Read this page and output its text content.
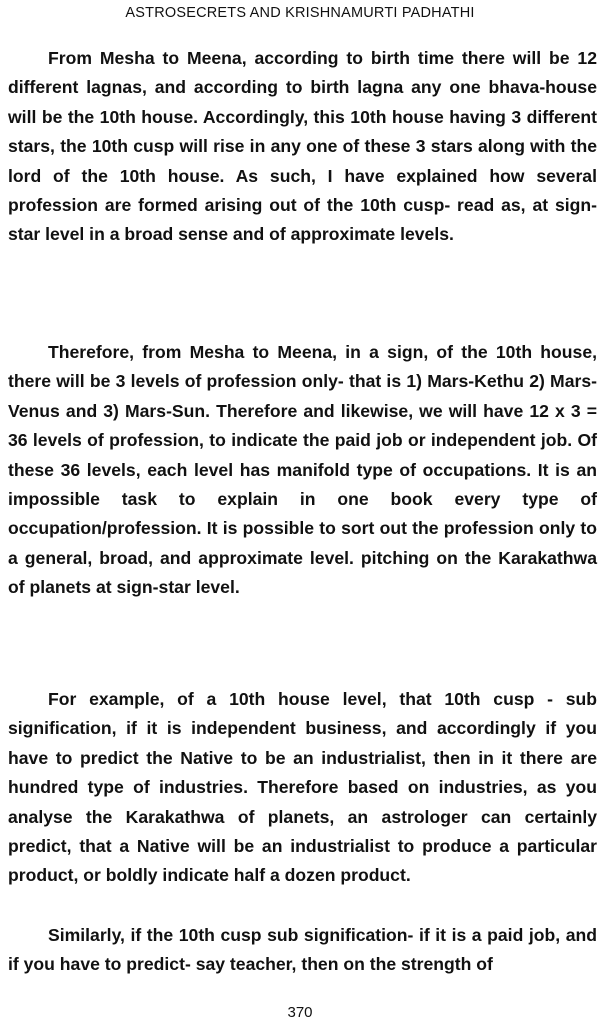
ASTROSECRETS AND KRISHNAMURTI PADHATHI

From Mesha to Meena, according to birth time there will be 12 different lagnas, and according to birth lagna any one bhava-house will be the 10th house. Accordingly, this 10th house having 3 different stars, the 10th cusp will rise in any one of these 3 stars along with the lord of the 10th house. As such, I have explained how several profession are formed arising out of the 10th cusp- read as, at sign-star level in a broad sense and of approximate levels.

Therefore, from Mesha to Meena, in a sign, of the 10th house, there will be 3 levels of profession only- that is 1) Mars-Kethu 2) Mars-Venus and 3) Mars-Sun. Therefore and likewise, we will have 12 x 3 = 36 levels of profession, to indicate the paid job or independent job. Of these 36 levels, each level has manifold type of occupations. It is an impossible task to explain in one book every type of occupation/profession. It is possible to sort out the profession only to a general, broad, and approximate level. pitching on the Karakathwa of planets at sign-star level.

For example, of a 10th house level, that 10th cusp - sub signification, if it is independent business, and accordingly if you have to predict the Native to be an industrialist, then in it there are hundred type of industries. Therefore based on industries, as you analyse the Karakathwa of planets, an astrologer can certainly predict, that a Native will be an industrialist to produce a particular product, or boldly indicate half a dozen product.

Similarly, if the 10th cusp sub signification- if it is a paid job, and if you have to predict- say teacher, then on the strength of

370
